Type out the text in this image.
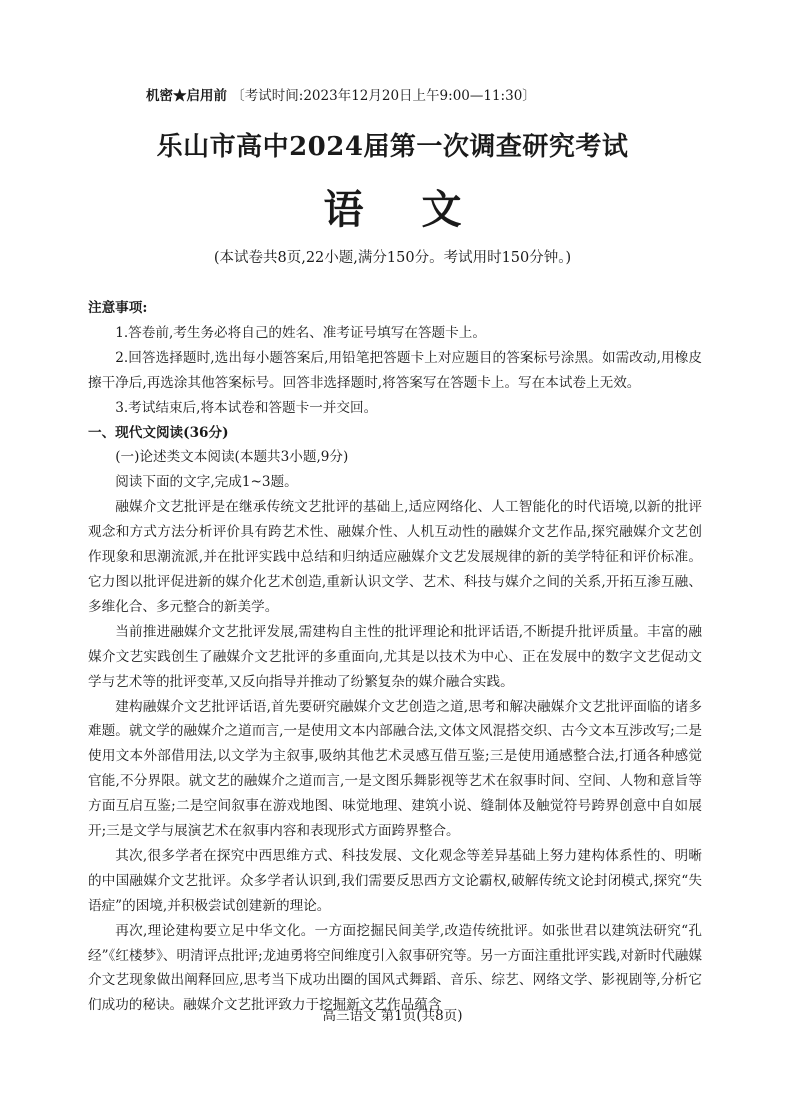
机密★启用前 〔考试时间:2023年12月20日上午9:00—11:30〕
乐山市高中2024届第一次调查研究考试
语文
(本试卷共8页,22小题,满分150分。考试用时150分钟。)

注意事项:

1.答卷前,考生务必将自己的姓名、准考证号填写在答题卡上。

2.回答选择题时,选出每小题答案后,用铅笔把答题卡上对应题目的答案标号涂黑。如需改动,用橡皮擦干净后,再选涂其他答案标号。回答非选择题时,将答案写在答题卡上。写在本试卷上无效。

3.考试结束后,将本试卷和答题卡一并交回。

一、现代文阅读(36分)

(一)论述类文本阅读(本题共3小题,9分)

阅读下面的文字,完成1~3题。

融媒介文艺批评是在继承传统文艺批评的基础上,适应网络化、人工智能化的时代语境,以新的批评观念和方式方法分析评价具有跨艺术性、融媒介性、人机互动性的融媒介文艺作品,探究融媒介文艺创作现象和思潮流派,并在批评实践中总结和归纳适应融媒介文艺发展规律的新的美学特征和评价标准。它力图以批评促进新的媒介化艺术创造,重新认识文学、艺术、科技与媒介之间的关系,开拓互渗互融、多维化合、多元整合的新美学。

当前推进融媒介文艺批评发展,需建构自主性的批评理论和批评话语,不断提升批评质量。丰富的融媒介文艺实践创生了融媒介文艺批评的多重面向,尤其是以技术为中心、正在发展中的数字文艺促动文学与艺术等的批评变革,又反向指导并推动了纷繁复杂的媒介融合实践。

建构融媒介文艺批评话语,首先要研究融媒介文艺创造之道,思考和解决融媒介文艺批评面临的诸多难题。就文学的融媒介之道而言,一是使用文本内部融合法,文体文风混搭交织、古今文本互涉改写;二是使用文本外部借用法,以文学为主叙事,吸纳其他艺术灵感互借互鉴;三是使用通感整合法,打通各种感觉官能,不分界限。就文艺的融媒介之道而言,一是文图乐舞影视等艺术在叙事时间、空间、人物和意旨等方面互启互鉴;二是空间叙事在游戏地图、味觉地理、建筑小说、缝制体及触觉符号跨界创意中自如展开;三是文学与展演艺术在叙事内容和表现形式方面跨界整合。

其次,很多学者在探究中西思维方式、科技发展、文化观念等差异基础上努力建构体系性的、明晰的中国融媒介文艺批评。众多学者认识到,我们需要反思西方文论霸权,破解传统文论封闭模式,探究“失语症”的困境,并积极尝试创建新的理论。

再次,理论建构要立足中华文化。一方面挖掘民间美学,改造传统批评。如张世君以建筑法研究“孔经”《红楼梦》、明清评点批评;龙迪勇将空间维度引入叙事研究等。另一方面注重批评实践,对新时代融媒介文艺现象做出阐释回应,思考当下成功出圈的国风式舞蹈、音乐、综艺、网络文学、影视剧等,分析它们成功的秘诀。融媒介文艺批评致力于挖掘新文艺作品蕴含

高三语文 第1页(共8页)
